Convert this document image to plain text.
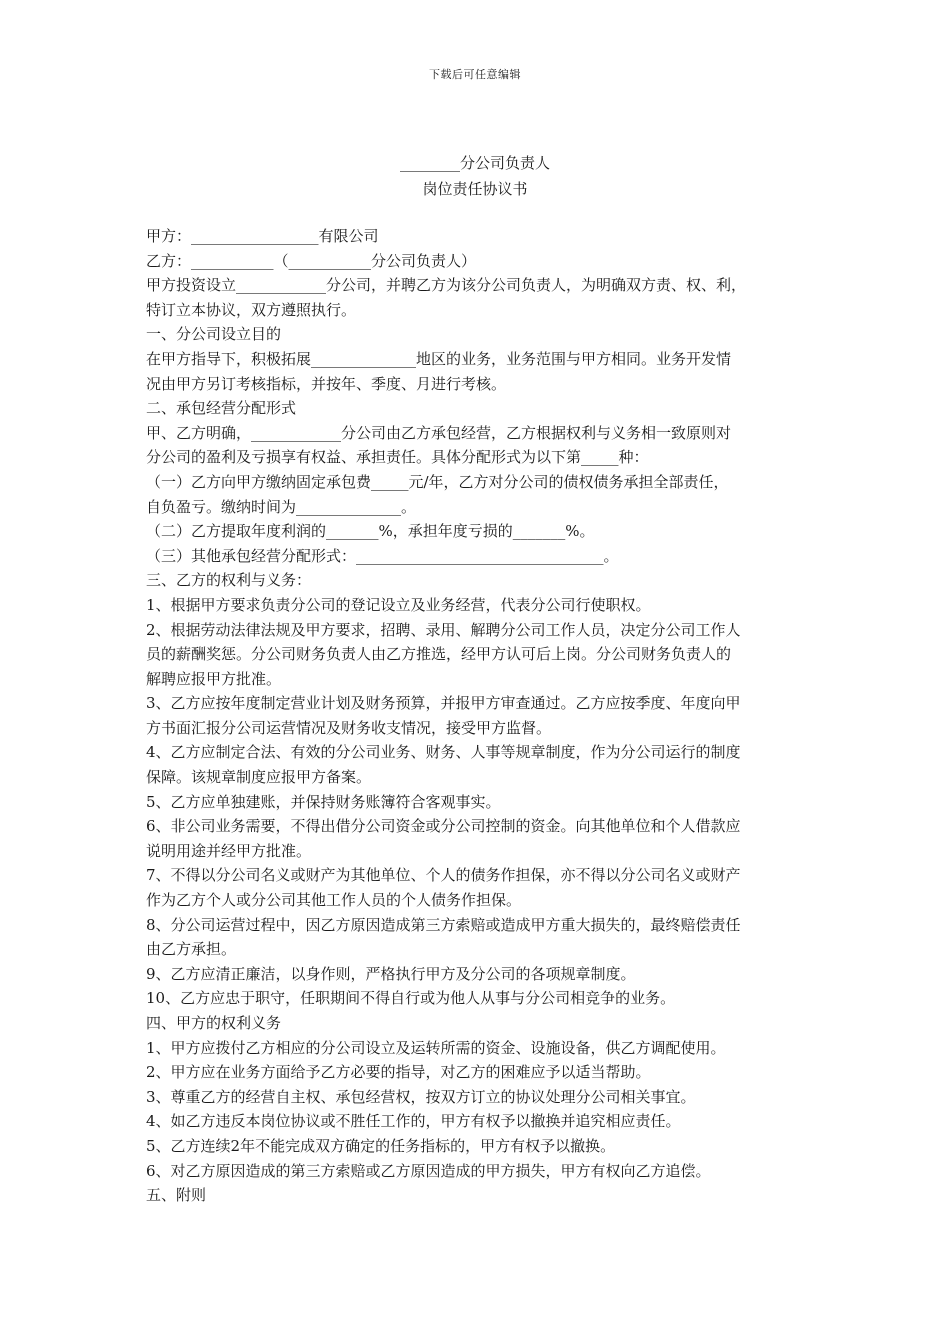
下载后可任意编辑
________分公司负责人
岗位责任协议书
甲方：_________________有限公司
乙方：___________（___________分公司负责人）
甲方投资设立____________分公司，并聘乙方为该分公司负责人，为明确双方责、权、利，
特订立本协议，双方遵照执行。
一、分公司设立目的
在甲方指导下，积极拓展______________地区的业务，业务范围与甲方相同。业务开发情
况由甲方另订考核指标，并按年、季度、月进行考核。
二、承包经营分配形式
甲、乙方明确，____________分公司由乙方承包经营，乙方根据权利与义务相一致原则对
分公司的盈利及亏损享有权益、承担责任。具体分配形式为以下第_____种：
（一）乙方向甲方缴纳固定承包费_____元/年，乙方对分公司的债权债务承担全部责任，
自负盈亏。缴纳时间为______________。
（二）乙方提取年度利润的_______%，承担年度亏损的_______%。
（三）其他承包经营分配形式：_________________________________。
三、乙方的权利与义务：
1、根据甲方要求负责分公司的登记设立及业务经营，代表分公司行使职权。
2、根据劳动法律法规及甲方要求，招聘、录用、解聘分公司工作人员，决定分公司工作人
员的薪酬奖惩。分公司财务负责人由乙方推选，经甲方认可后上岗。分公司财务负责人的
解聘应报甲方批准。
3、乙方应按年度制定营业计划及财务预算，并报甲方审查通过。乙方应按季度、年度向甲
方书面汇报分公司运营情况及财务收支情况，接受甲方监督。
4、乙方应制定合法、有效的分公司业务、财务、人事等规章制度，作为分公司运行的制度
保障。该规章制度应报甲方备案。
5、乙方应单独建账，并保持财务账簿符合客观事实。
6、非公司业务需要，不得出借分公司资金或分公司控制的资金。向其他单位和个人借款应
说明用途并经甲方批准。
7、不得以分公司名义或财产为其他单位、个人的债务作担保，亦不得以分公司名义或财产
作为乙方个人或分公司其他工作人员的个人债务作担保。
8、分公司运营过程中，因乙方原因造成第三方索赔或造成甲方重大损失的，最终赔偿责任
由乙方承担。
9、乙方应清正廉洁，以身作则，严格执行甲方及分公司的各项规章制度。
10、乙方应忠于职守，任职期间不得自行或为他人从事与分公司相竞争的业务。
四、甲方的权利义务
1、甲方应拨付乙方相应的分公司设立及运转所需的资金、设施设备，供乙方调配使用。
2、甲方应在业务方面给予乙方必要的指导，对乙方的困难应予以适当帮助。
3、尊重乙方的经营自主权、承包经营权，按双方订立的协议处理分公司相关事宜。
4、如乙方违反本岗位协议或不胜任工作的，甲方有权予以撤换并追究相应责任。
5、乙方连续2年不能完成双方确定的任务指标的，甲方有权予以撤换。
6、对乙方原因造成的第三方索赔或乙方原因造成的甲方损失，甲方有权向乙方追偿。
五、附则
